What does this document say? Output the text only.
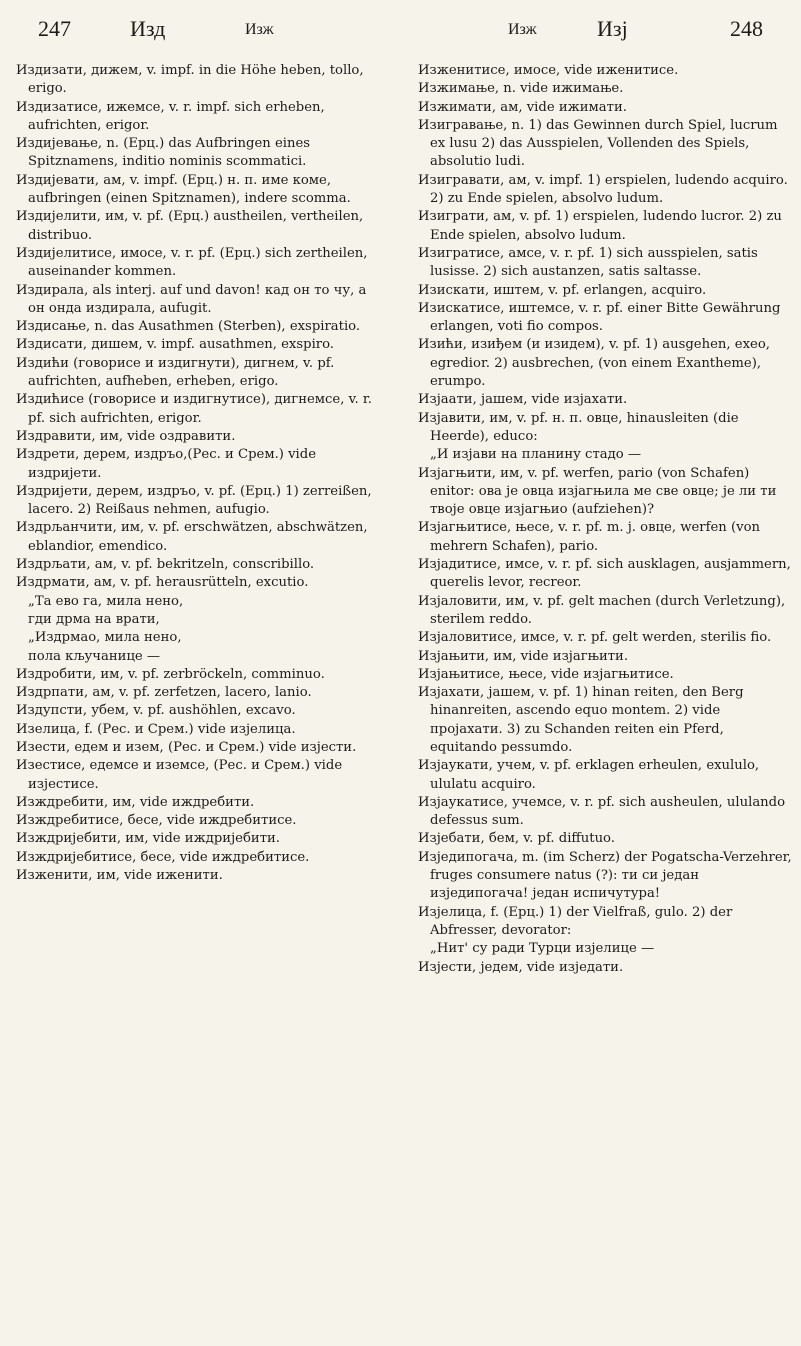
247	Изд	Изж	Изж	Изј	248

Издизати, дижем, v. impf. in die Höhe heben, tollo, erigo.

Издизатисе, ижемсе, v. r. impf. sich erheben, aufrichten, erigor.

Издијевање, n. (Ерц.) das Aufbringen eines Spitznamens, inditio nominis scommatici.

Издијевати, ам, v. impf. (Ерц.) н. п. име коме, aufbringen (einen Spitznamen), indere scomma.

Издијелити, им, v. pf. (Ерц.) austheilen, vertheilen, distribuo.

Издијелитисе, имосе, v. r. pf. (Ерц.) sich zertheilen, auseinander kommen.

Издирала, als interj. auf und davon! кад он то чу, а он онда издирала, aufugit.

Издисање, n. das Ausathmen (Sterben), exspiratio.

Издисати, дишем, v. impf. ausathmen, exspiro.

Издићи (говорисе и издигнути), дигнем, v. pf. aufrichten, aufheben, erheben, erigo.

Издићисе (говорисе и издигнутисе), дигнемсе, v. r. pf. sich aufrichten, erigor.

Издравити, им, vide оздравити.

Издрети, дерем, издръо,(Рес. и Срем.) vide издријети.

Издријети, дерем, издръо, v. pf. (Ерц.) 1) zerreißen, lacero. 2) Reißaus nehmen, aufugio.

Издрљанчити, им, v. pf. erschwätzen, abschwätzen, eblandior, emendico.

Издрљати, ам, v. pf. bekritzeln, conscribillo.

Издрмати, ам, v. pf. herausrütteln, excutio.

„Та ево га, мила нено,

гди дрма на врати,

„Издрмао, мила нено,

пола кључанице —

Издробити, им, v. pf. zerbröckeln, comminuo.

Издрпати, ам, v. pf. zerfetzen, lacero, lanio.

Издупсти, убем, v. pf. aushöhlen, excavo.

Изелица, f. (Рес. и Срем.) vide изјелица.

Изести, едем и изем, (Рес. и Срем.) vide изјести.

Изестисе, едемсе и иземсе, (Рес. и Срем.) vide изјестисе.

Изждребити, им, vide иждребити.

Изждребитисе, бесе, vide иждребитисе.

Изждријебити, им, vide иждријебити.

Изждријебитисе, бесе, vide иждребитисе.

Изженити, им, vide иженити.

Изженитисе, имосе, vide иженитисе.

Изжимање, n. vide ижимање.

Изжимати, ам, vide ижимати.

Изигравање, n. 1) das Gewinnen durch Spiel, lucrum ex lusu 2) das Ausspielen, Vollenden des Spiels, absolutio ludi.

Изигравати, ам, v. impf. 1) erspielen, ludendo acquiro. 2) zu Ende spielen, absolvo ludum.

Изиграти, ам, v. pf. 1) erspielen, ludendo lucror. 2) zu Ende spielen, absolvo ludum.

Изигратисе, амсе, v. r. pf. 1) sich ausspielen, satis lusisse. 2) sich austanzen, satis saltasse.

Изискати, иштем, v. pf. erlangen, acquiro.

Изискатисе, иштемсе, v. r. pf. einer Bitte Gewährung erlangen, voti fio compos.

Изићи, изиђем (и изидем), v. pf. 1) ausgehen, exeo, egredior. 2) ausbrechen, (von einem Exantheme), erumpo.

Изјаати, јашем, vide изјахати.

Изјавити, им, v. pf. н. п. овце, hinausleiten (die Heerde), educo:

„И изјави на планину стадо —

Изјагњити, им, v. pf. werfen, pario (von Schafen) enitor: ова је овца изјагњила ме све овце; је ли ти твоје овце изјагњио (aufziehen)?

Изјагњитисе, њесе, v. r. pf. m. j. овце, werfen (von mehrern Schafen), pario.

Изјадитисе, имсе, v. r. pf. sich ausklagen, ausjammern, querelis levor, recreor.

Изјаловити, им, v. pf. gelt machen (durch Verletzung), sterilem reddo.

Изјаловитисе, имсе, v. r. pf. gelt werden, sterilis fio.

Изјањити, им, vide изјагњити.

Изјањитисе, њесе, vide изјагњитисе.

Изјахати, јашем, v. pf. 1) hinan reiten, den Berg hinanreiten, ascendo equo montem. 2) vide пројахати. 3) zu Schanden reiten ein Pferd, equitando pessumdo.

Изјаукати, учем, v. pf. erklagen erheulen, exululo, ululatu acquiro.

Изјаукатисе, учемсе, v. r. pf. sich ausheulen, ululando defessus sum.

Изјебати, бем, v. pf. diffutuo.

Изједипогача, m. (im Scherz) der Pogatscha-Verzehrer, fruges consumere natus (?): ти си један изједипогача! један испичутура!

Изјелица, f. (Ерц.) 1) der Vielfraß, gulo. 2) der Abfresser, devorator:

„Нит' су ради Турци изјелице —

Изјести, једем, vide изједати.
